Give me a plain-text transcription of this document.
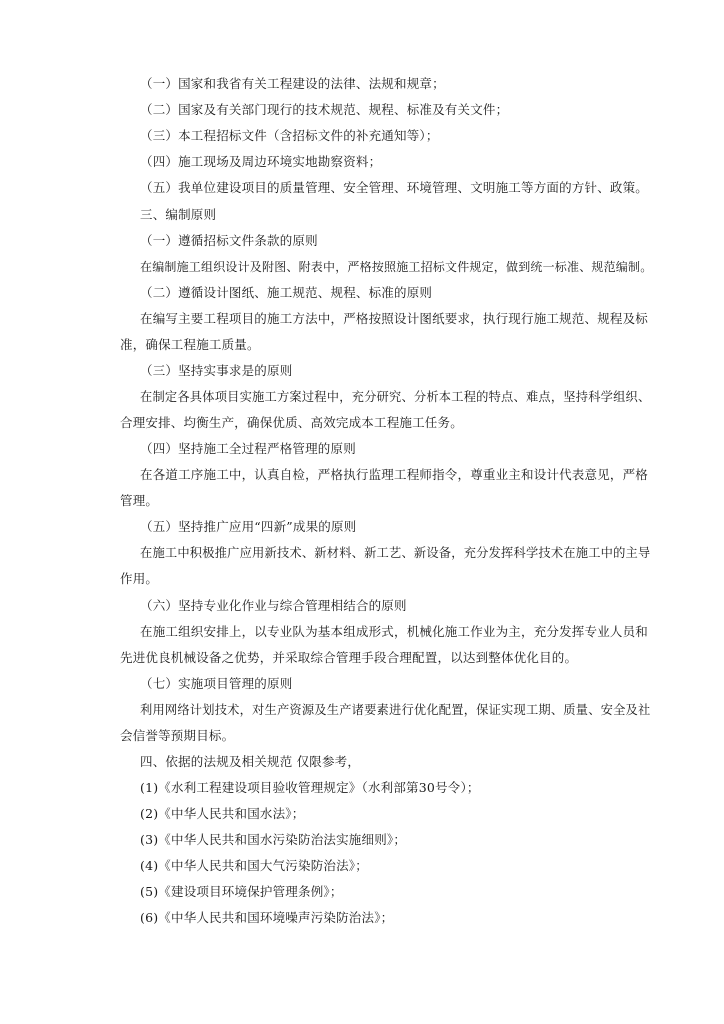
（一）国家和我省有关工程建设的法律、法规和规章；
（二）国家及有关部门现行的技术规范、规程、标准及有关文件；
（三）本工程招标文件（含招标文件的补充通知等）；
（四）施工现场及周边环境实地勘察资料；
（五）我单位建设项目的质量管理、安全管理、环境管理、文明施工等方面的方针、政策。
三、编制原则
（一）遵循招标文件条款的原则
在编制施工组织设计及附图、附表中，严格按照施工招标文件规定，做到统一标准、规范编制。
（二）遵循设计图纸、施工规范、规程、标准的原则
在编写主要工程项目的施工方法中，严格按照设计图纸要求，执行现行施工规范、规程及标
准，确保工程施工质量。
（三）坚持实事求是的原则
在制定各具体项目实施工方案过程中，充分研究、分析本工程的特点、难点，坚持科学组织、
合理安排、均衡生产，确保优质、高效完成本工程施工任务。
（四）坚持施工全过程严格管理的原则
在各道工序施工中，认真自检，严格执行监理工程师指令，尊重业主和设计代表意见，严格
管理。
（五）坚持推广应用“四新”成果的原则
在施工中积极推广应用新技术、新材料、新工艺、新设备，充分发挥科学技术在施工中的主导
作用。
（六）坚持专业化作业与综合管理相结合的原则
在施工组织安排上，以专业队为基本组成形式，机械化施工作业为主，充分发挥专业人员和
先进优良机械设备之优势，并采取综合管理手段合理配置，以达到整体优化目的。
（七）实施项目管理的原则
利用网络计划技术，对生产资源及生产诸要素进行优化配置，保证实现工期、质量、安全及社
会信誉等预期目标。
四、依据的法规及相关规范 仅限参考，
(1)《水利工程建设项目验收管理规定》（水利部第30号令）；
(2)《中华人民共和国水法》；
(3)《中华人民共和国水污染防治法实施细则》；
(4)《中华人民共和国大气污染防治法》；
(5)《建设项目环境保护管理条例》；
(6)《中华人民共和国环境噪声污染防治法》；
